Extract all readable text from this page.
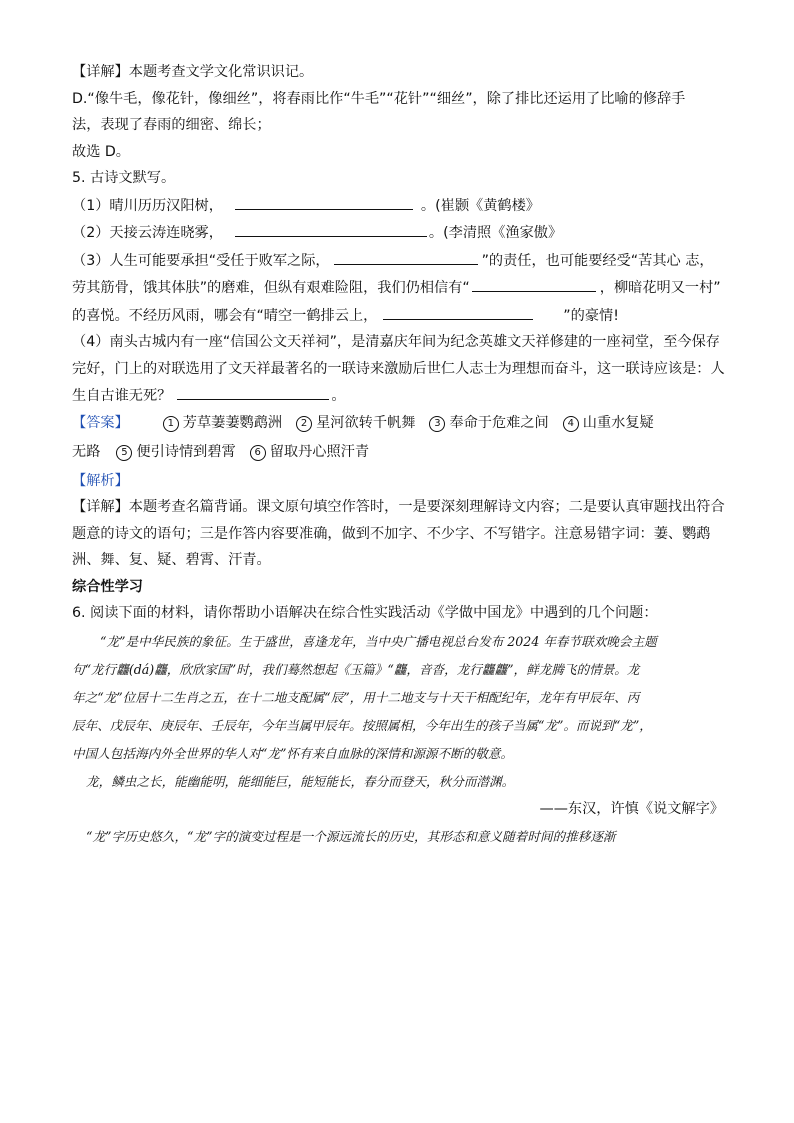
【详解】本题考查文学文化常识识记。

D.“像牛毛，像花针，像细丝”，将春雨比作“牛毛”“花针”“细丝”，除了排比还运用了比喻的修辞手

法，表现了春雨的细密、绵长；

故选 D。

5. 古诗文默写。

（1）晴川历历汉阳树，	。(崔颢《黄鹤楼》

（2）天接云涛连晓雾，	。(李清照《渔家傲》

（3）人生可能要承担“受任于败军之际，	”的责任，也可能要经受“苦其心 志，

劳其筋骨，饿其体肤”的磨难，但纵有艰难险阻，我们仍相信有“	，柳暗花明又一村”

的喜悦。不经历风雨，哪会有“晴空一鹤排云上，	”的豪情!

（4）南头古城内有一座“信国公文天祥祠”，是清嘉庆年间为纪念英雄文天祥修建的一座祠堂，至今保存

完好，门上的对联选用了文天祥最著名的一联诗来激励后世仁人志士为理想而奋斗，这一联诗应该是：人

生自古谁无死？	。

【答案】	1 芳草萋萋鹦鹉洲 2 星河欲转千帆舞 3 奉命于危难之间 4 山重水复疑

无路 5 便引诗情到碧霄 6 留取丹心照汗青

【解析】

【详解】本题考查名篇背诵。课文原句填空作答时，一是要深刻理解诗文内容；二是要认真审题找出符合

题意的诗文的语句；三是作答内容要准确，做到不加字、不少字、不写错字。注意易错字词：萋、鹦鹉

洲、舞、复、疑、碧霄、汗青。

综合性学习

6. 阅读下面的材料，请你帮助小语解决在综合性实践活动《学做中国龙》中遇到的几个问题：

“龙”是中华民族的象征。生于盛世，喜逢龙年，当中央广播电视总台发布 2024 年春节联欢晚会主题

句“龙行龘(dá)龘，欣欣家国”时，我们蓦然想起《玉篇》“龘，音沓，龙行龘龘”，鲜龙腾飞的情景。龙

年之“龙”位居十二生肖之五，在十二地支配属“辰”，用十二地支与十天干相配纪年，龙年有甲辰年、丙

辰年、戊辰年、庚辰年、壬辰年，今年当属甲辰年。按照属相，今年出生的孩子当属“龙”。而说到“龙”，

中国人包括海内外全世界的华人对“龙”怀有来自血脉的深情和源源不断的敬意。

龙，鳞虫之长，能幽能明，能细能巨，能短能长，春分而登天，秋分而潜渊。

——东汉，许慎《说文解字》

“龙”字历史悠久，“龙”字的演变过程是一个源远流长的历史，其形态和意义随着时间的推移逐渐
